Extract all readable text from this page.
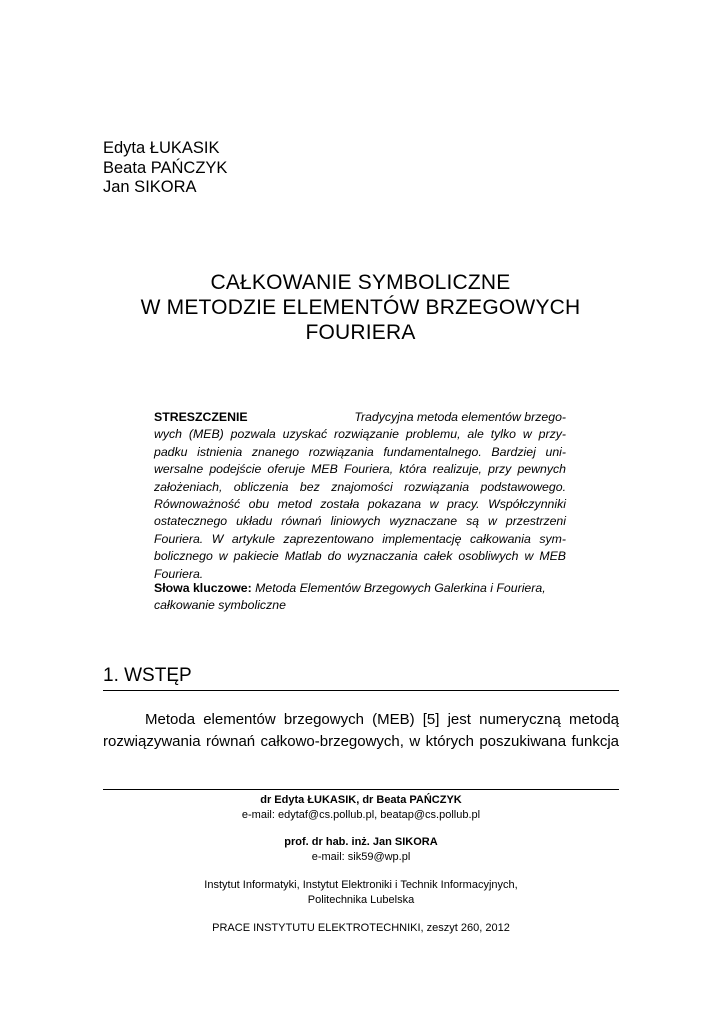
Edyta ŁUKASIK
Beata PAŃCZYK
Jan SIKORA
CAŁKOWANIE SYMBOLICZNE
W METODZIE ELEMENTÓW BRZEGOWYCH
FOURIERA
STRESZCZENIE	Tradycyjna metoda elementów brzego-
wych (MEB) pozwala uzyskać rozwiązanie problemu, ale tylko w przy-
padku istnienia znanego rozwiązania fundamentalnego. Bardziej uni-
wersalne podejście oferuje MEB Fouriera, która realizuje, przy pewnych
założeniach, obliczenia bez znajomości rozwiązania podstawowego.
Równoważność obu metod została pokazana w pracy. Współczynniki
ostatecznego układu równań liniowych wyznaczane są w przestrzeni
Fouriera. W artykule zaprezentowano implementację całkowania sym-
bolicznego w pakiecie Matlab do wyznaczania całek osobliwych w MEB
Fouriera.
Słowa kluczowe: Metoda Elementów Brzegowych Galerkina i Fouriera,
całkowanie symboliczne
1. WSTĘP
Metoda elementów brzegowych (MEB) [5] jest numeryczną metodą
rozwiązywania równań całkowo-brzegowych, w których poszukiwana funkcja
dr Edyta ŁUKASIK, dr Beata PAŃCZYK
e-mail: edytaf@cs.pollub.pl, beatap@cs.pollub.pl
prof. dr hab. inż. Jan SIKORA
e-mail: sik59@wp.pl
Instytut Informatyki, Instytut Elektroniki i Technik Informacyjnych,
Politechnika Lubelska
PRACE INSTYTUTU ELEKTROTECHNIKI, zeszyt 260, 2012
